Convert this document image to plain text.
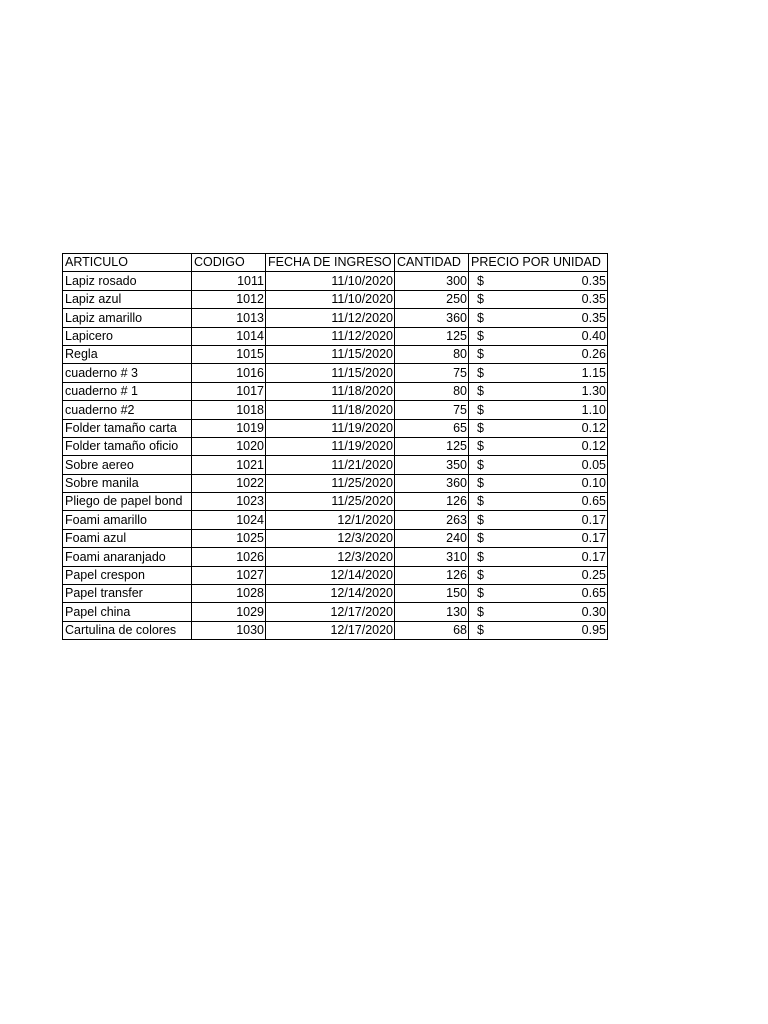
ARTICULO	CODIGO	FECHA DE INGRESO	CANTIDAD	PRECIO POR UNIDAD
Lapiz rosado	1011	11/10/2020	300	$ 0.35

Lapiz azul	1012	11/10/2020	250	$ 0.35

Lapiz amarillo	1013	11/12/2020	360	$ 0.35

Lapicero	1014	11/12/2020	125	$ 0.40

Regla	1015	11/15/2020	80	$ 0.26

cuaderno # 3	1016	11/15/2020	75	$ 1.15

cuaderno # 1	1017	11/18/2020	80	$ 1.30

cuaderno #2	1018	11/18/2020	75	$ 1.10

Folder tamaño carta	1019	11/19/2020	65	$ 0.12

Folder tamaño oficio	1020	11/19/2020	125	$ 0.12

Sobre aereo	1021	11/21/2020	350	$ 0.05

Sobre manila	1022	11/25/2020	360	$ 0.10

Pliego de papel bond	1023	11/25/2020	126	$ 0.65

Foami amarillo	1024	12/1/2020	263	$ 0.17

Foami azul	1025	12/3/2020	240	$ 0.17

Foami anaranjado	1026	12/3/2020	310	$ 0.17

Papel crespon	1027	12/14/2020	126	$ 0.25

Papel transfer	1028	12/14/2020	150	$ 0.65

Papel china	1029	12/17/2020	130	$ 0.30

Cartulina de colores	1030	12/17/2020	68	$ 0.95
